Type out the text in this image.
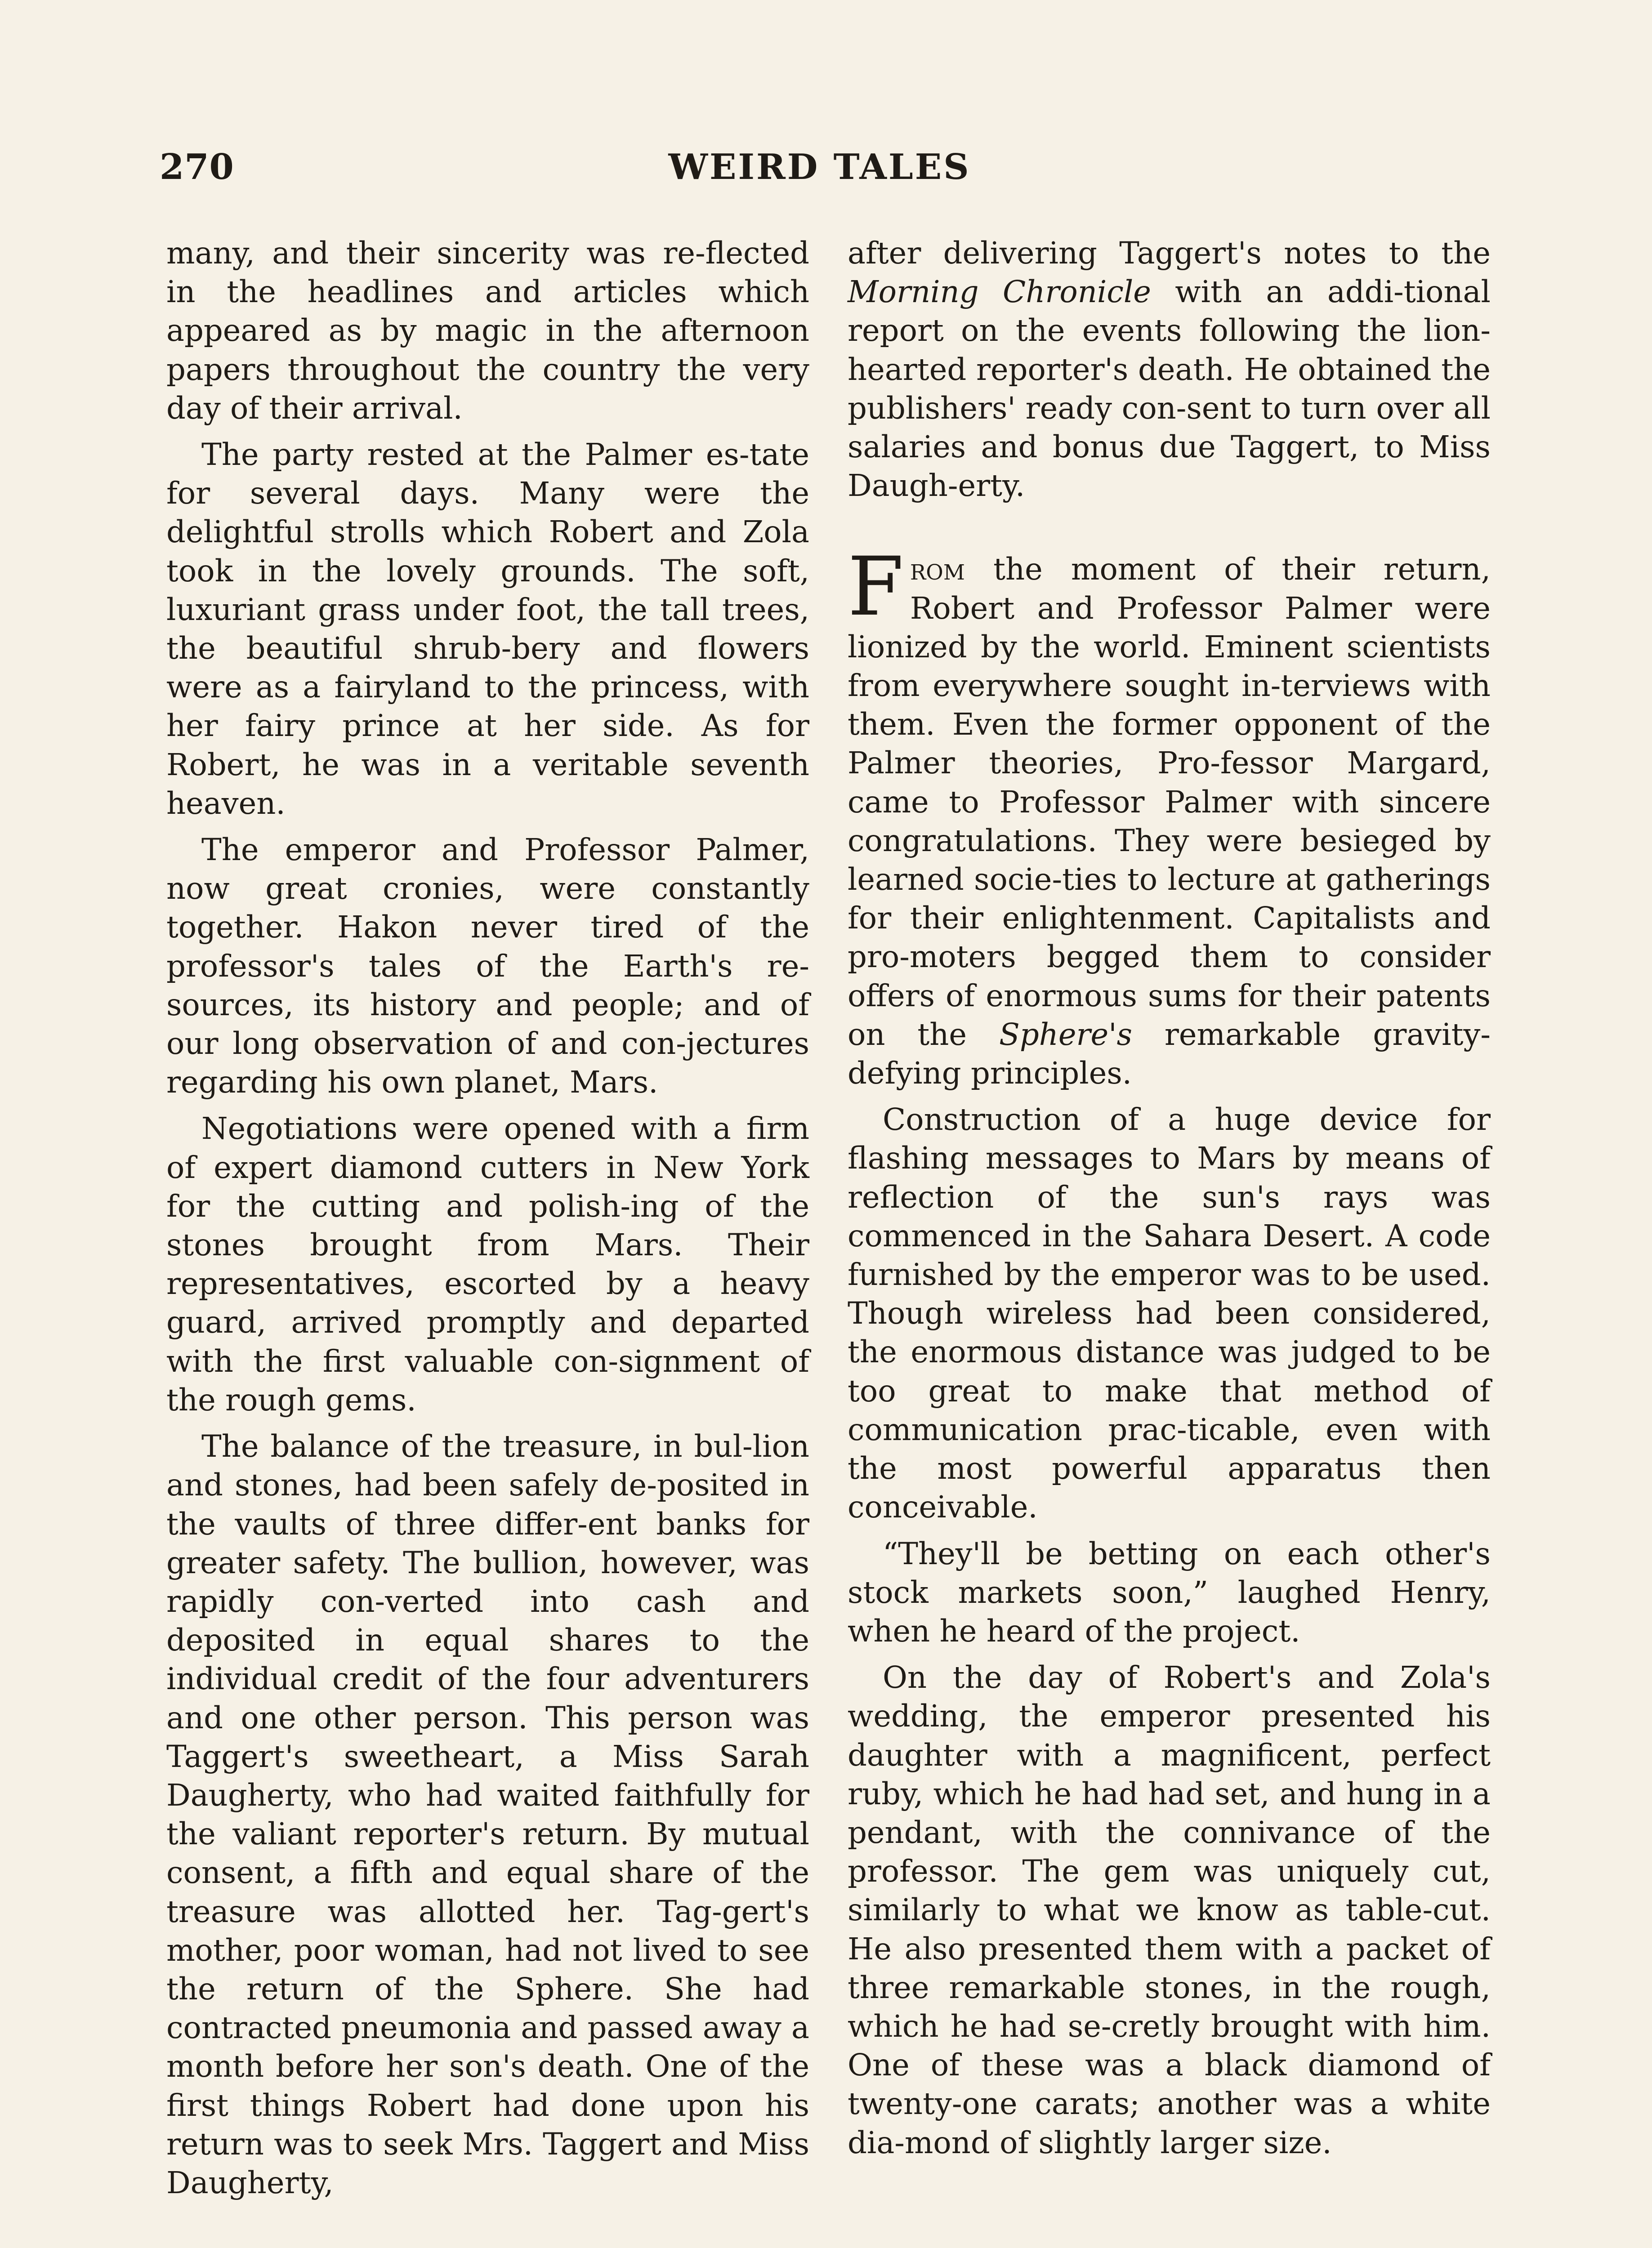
270	WEIRD TALES

many, and their sincerity was re-flected in the headlines and articles which appeared as by magic in the afternoon papers throughout the country the very day of their arrival.

The party rested at the Palmer es-tate for several days. Many were the delightful strolls which Robert and Zola took in the lovely grounds. The soft, luxuriant grass under foot, the tall trees, the beautiful shrub-bery and flowers were as a fairyland to the princess, with her fairy prince at her side. As for Robert, he was in a veritable seventh heaven.

The emperor and Professor Palmer, now great cronies, were constantly together. Hakon never tired of the professor's tales of the Earth's re-sources, its history and people; and of our long observation of and con-jectures regarding his own planet, Mars.

Negotiations were opened with a firm of expert diamond cutters in New York for the cutting and polish-ing of the stones brought from Mars. Their representatives, escorted by a heavy guard, arrived promptly and departed with the first valuable con-signment of the rough gems.

The balance of the treasure, in bul-lion and stones, had been safely de-posited in the vaults of three differ-ent banks for greater safety. The bullion, however, was rapidly con-verted into cash and deposited in equal shares to the individual credit of the four adventurers and one other person. This person was Taggert's sweetheart, a Miss Sarah Daugherty, who had waited faithfully for the valiant reporter's return. By mutual consent, a fifth and equal share of the treasure was allotted her. Tag-gert's mother, poor woman, had not lived to see the return of the Sphere. She had contracted pneumonia and passed away a month before her son's death. One of the first things Robert had done upon his return was to seek Mrs. Taggert and Miss Daugherty,

after delivering Taggert's notes to the Morning Chronicle with an addi-tional report on the events following the lion-hearted reporter's death. He obtained the publishers' ready con-sent to turn over all salaries and bonus due Taggert, to Miss Daugh-erty.

From the moment of their return, Robert and Professor Palmer were lionized by the world. Eminent scientists from everywhere sought in-terviews with them. Even the former opponent of the Palmer theories, Pro-fessor Margard, came to Professor Palmer with sincere congratulations. They were besieged by learned socie-ties to lecture at gatherings for their enlightenment. Capitalists and pro-moters begged them to consider offers of enormous sums for their patents on the Sphere's remarkable gravity-defying principles.

Construction of a huge device for flashing messages to Mars by means of reflection of the sun's rays was commenced in the Sahara Desert. A code furnished by the emperor was to be used. Though wireless had been considered, the enormous distance was judged to be too great to make that method of communication prac-ticable, even with the most powerful apparatus then conceivable.

“They'll be betting on each other's stock markets soon,” laughed Henry, when he heard of the project.

On the day of Robert's and Zola's wedding, the emperor presented his daughter with a magnificent, perfect ruby, which he had had set, and hung in a pendant, with the connivance of the professor. The gem was uniquely cut, similarly to what we know as table-cut. He also presented them with a packet of three remarkable stones, in the rough, which he had se-cretly brought with him. One of these was a black diamond of twenty-one carats; another was a white dia-mond of slightly larger size.
